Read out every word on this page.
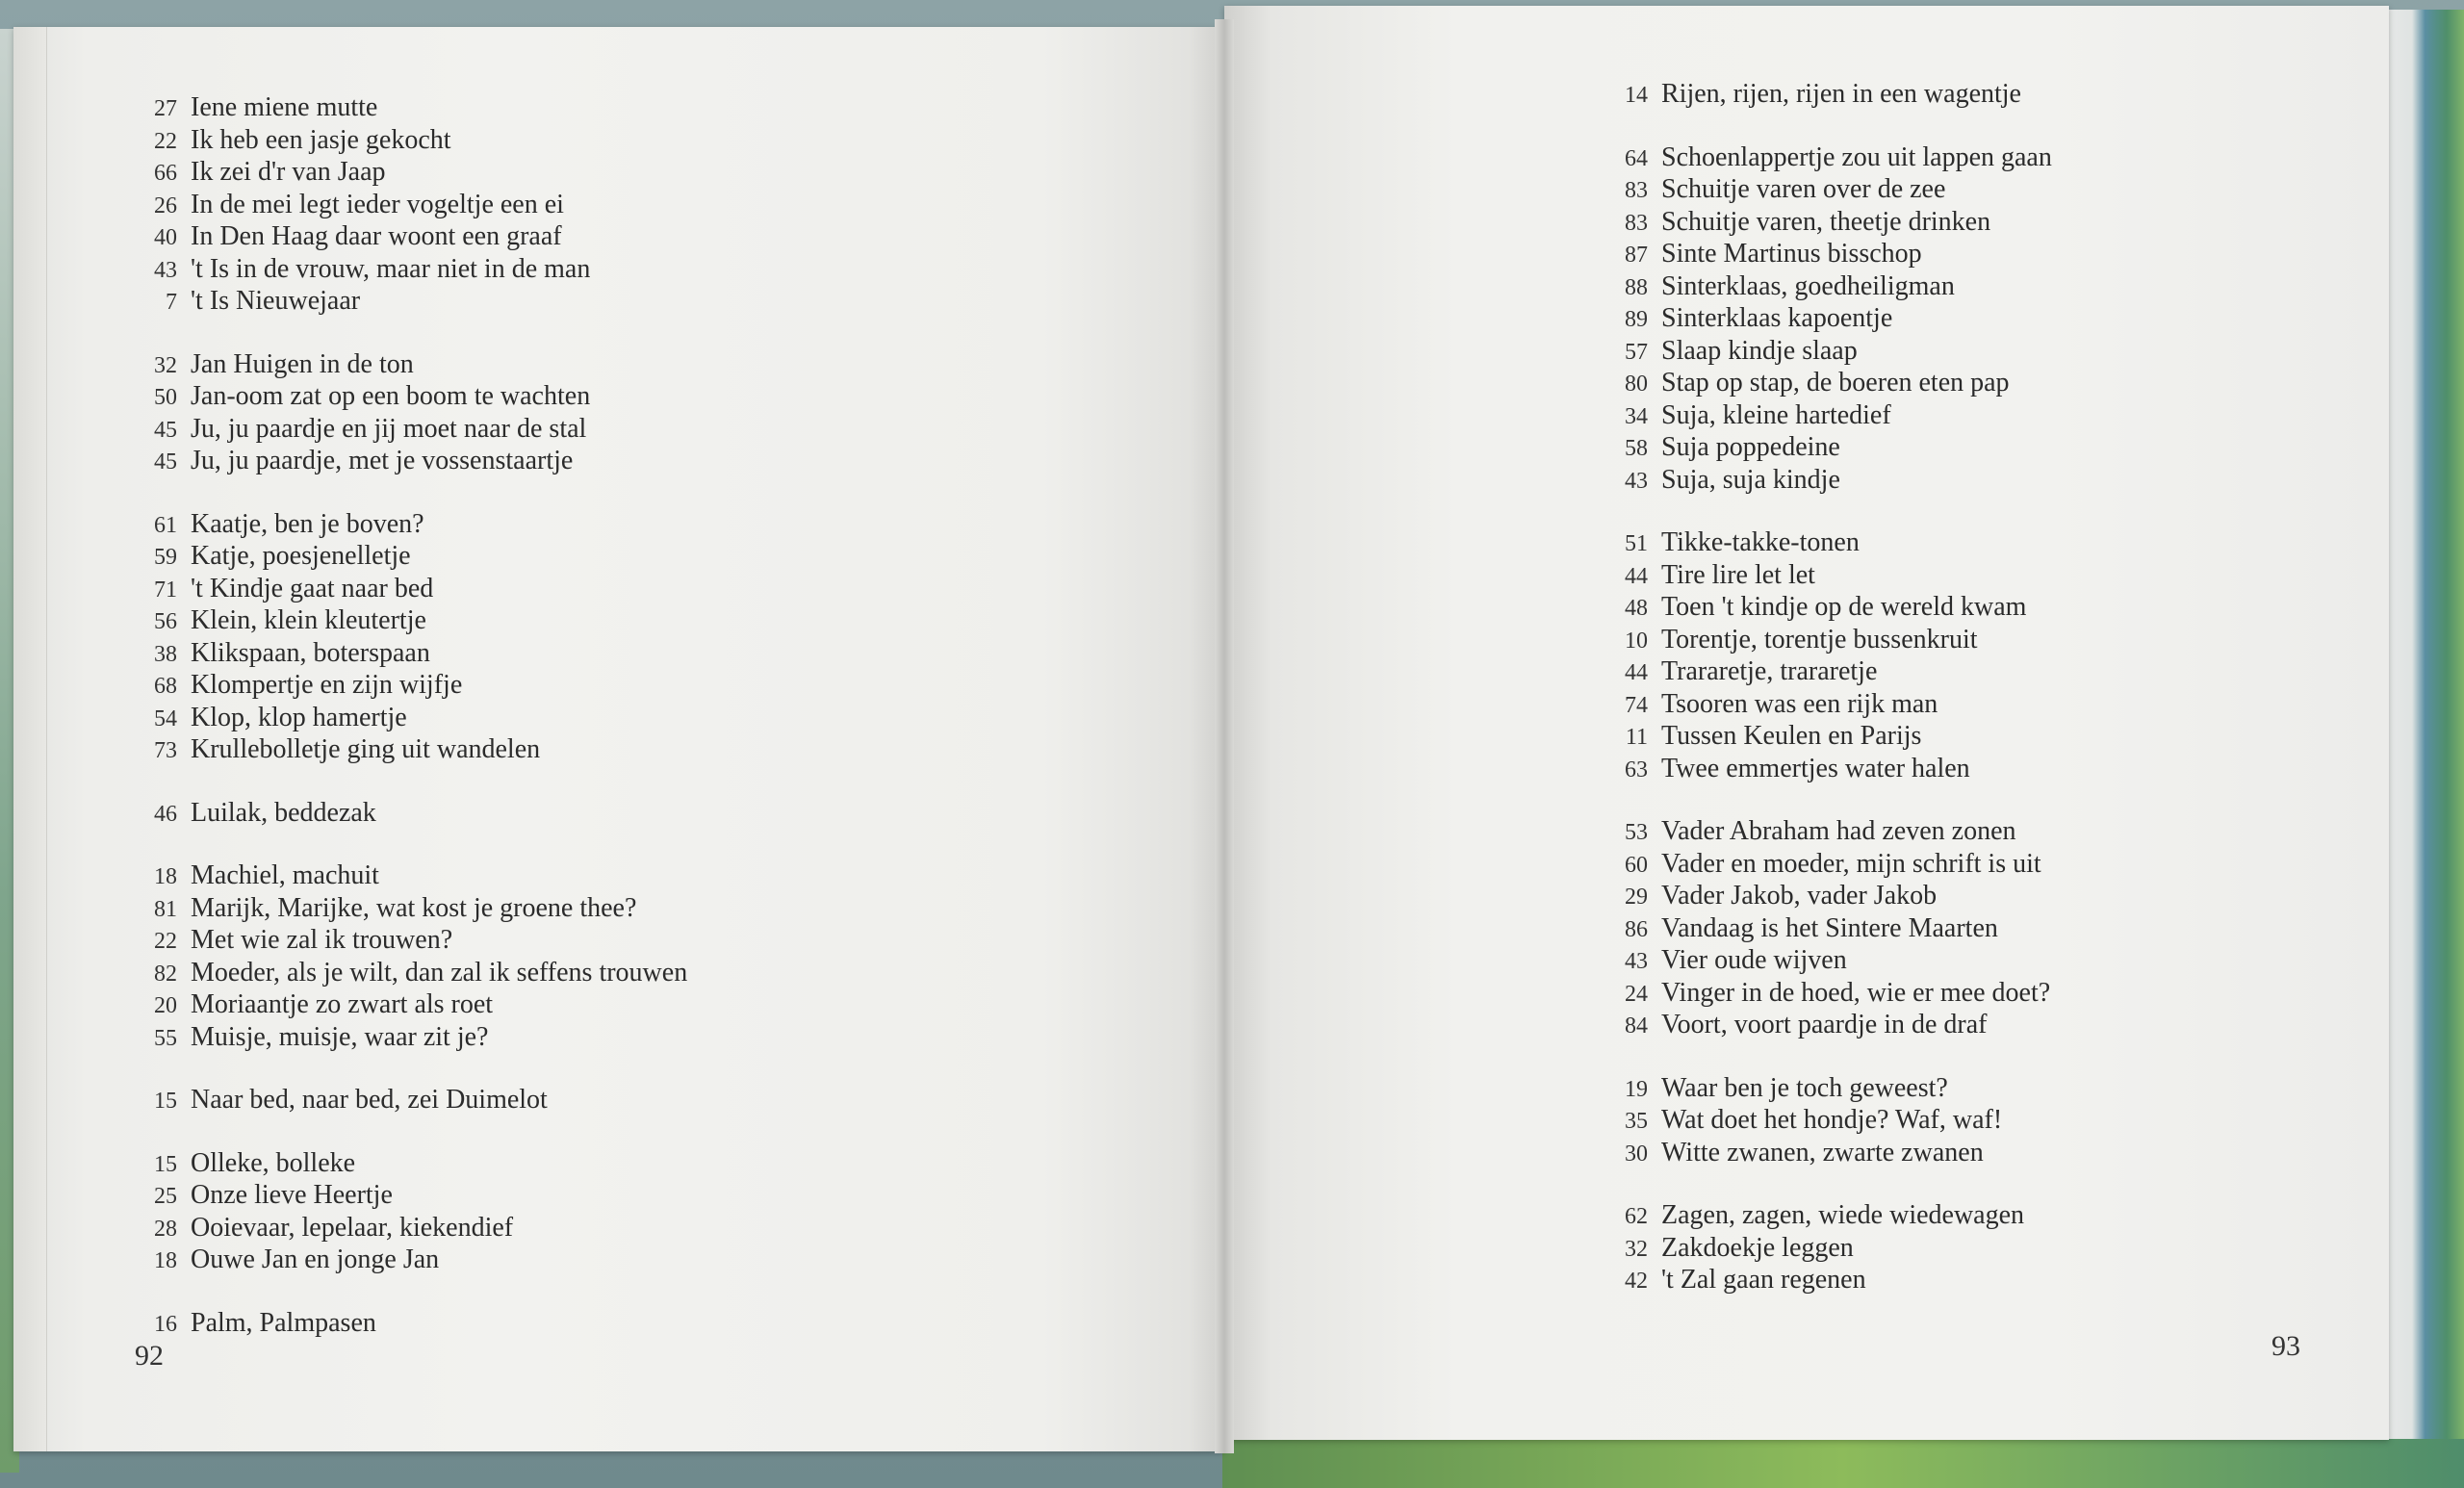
27 Iene miene mutte
22 Ik heb een jasje gekocht
66 Ik zei d'r van Jaap
26 In de mei legt ieder vogeltje een ei
40 In Den Haag daar woont een graaf
43 't Is in de vrouw, maar niet in de man
7 't Is Nieuwejaar
32 Jan Huigen in de ton
50 Jan-oom zat op een boom te wachten
45 Ju, ju paardje en jij moet naar de stal
45 Ju, ju paardje, met je vossenstaartje
61 Kaatje, ben je boven?
59 Katje, poesjenelletje
71 't Kindje gaat naar bed
56 Klein, klein kleutertje
38 Klikspaan, boterspaan
68 Klompertje en zijn wijfje
54 Klop, klop hamertje
73 Krullebolletje ging uit wandelen
46 Luilak, beddezak
18 Machiel, machuit
81 Marijk, Marijke, wat kost je groene thee?
22 Met wie zal ik trouwen?
82 Moeder, als je wilt, dan zal ik seffens trouwen
20 Moriaantje zo zwart als roet
55 Muisje, muisje, waar zit je?
15 Naar bed, naar bed, zei Duimelot
15 Olleke, bolleke
25 Onze lieve Heertje
28 Ooievaar, lepelaar, kiekendief
18 Ouwe Jan en jonge Jan
16 Palm, Palmpasen
14 Rijen, rijen, rijen in een wagentje
64 Schoenlappertje zou uit lappen gaan
83 Schuitje varen over de zee
83 Schuitje varen, theetje drinken
87 Sinte Martinus bisschop
88 Sinterklaas, goedheiligman
89 Sinterklaas kapoentje
57 Slaap kindje slaap
80 Stap op stap, de boeren eten pap
34 Suja, kleine hartedief
58 Suja poppedeine
43 Suja, suja kindje
51 Tikke-takke-tonen
44 Tire lire let let
48 Toen 't kindje op de wereld kwam
10 Torentje, torentje bussenkruit
44 Trararetje, trararetje
74 Tsooren was een rijk man
11 Tussen Keulen en Parijs
63 Twee emmertjes water halen
53 Vader Abraham had zeven zonen
60 Vader en moeder, mijn schrift is uit
29 Vader Jakob, vader Jakob
86 Vandaag is het Sintere Maarten
43 Vier oude wijven
24 Vinger in de hoed, wie er mee doet?
84 Voort, voort paardje in de draf
19 Waar ben je toch geweest?
35 Wat doet het hondje? Waf, waf!
30 Witte zwanen, zwarte zwanen
62 Zagen, zagen, wiede wiedewagen
32 Zakdoekje leggen
42 't Zal gaan regenen
92	93
